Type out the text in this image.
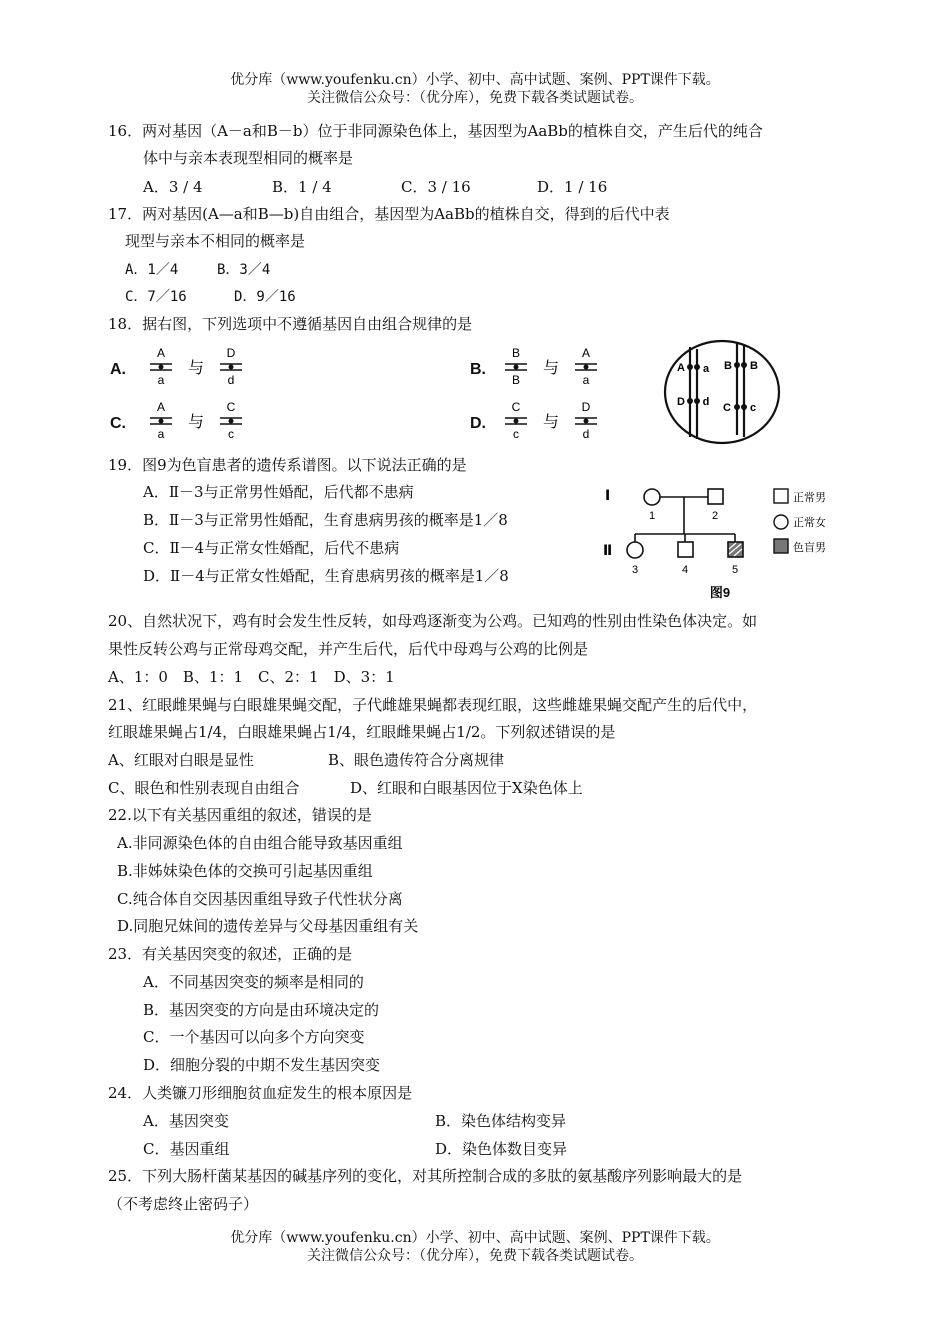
优分库（www.youfenku.cn）小学、初中、高中试题、案例、PPT课件下载。
关注微信公众号：（优分库），免费下载各类试题试卷。
16．两对基因（A－a和B－b）位于非同源染色体上，基因型为AaBb的植株自交，产生后代的纯合
体中与亲本表现型相同的概率是
A．3 / 4	B．1 / 4	C．3 / 16	D．1 / 16
17．两对基因(A—a和B—b)自由组合，基因型为AaBb的植株自交，得到的后代中表
现型与亲本不相同的概率是
A．1／4	B．3／4
C．7／16	D．9／16
18．据右图，下列选项中不遵循基因自由组合规律的是
A.
A
a
与
D
d
B.
B
B
与
A
a
C.
A
a
与
C
c
D.
C
c
与
D
d
A a B B
D d C c
19．图9为色盲患者的遗传系谱图。以下说法正确的是
A．Ⅱ－3与正常男性婚配，后代都不患病
B．Ⅱ－3与正常男性婚配，生育患病男孩的概率是1／8
C．Ⅱ－4与正常女性婚配，后代不患病
D．Ⅱ－4与正常女性婚配，生育患病男孩的概率是1／8
Ⅰ
Ⅱ
1	2
3	4	5
正常男
正常女
色盲男
图9
20、自然状况下，鸡有时会发生性反转，如母鸡逐渐变为公鸡。已知鸡的性别由性染色体决定。如
果性反转公鸡与正常母鸡交配，并产生后代，后代中母鸡与公鸡的比例是
A、1：0　B、1：1　C、2：1　D、3：1
21、红眼雌果蝇与白眼雄果蝇交配，子代雌雄果蝇都表现红眼，这些雌雄果蝇交配产生的后代中，
红眼雄果蝇占1/4，白眼雄果蝇占1/4，红眼雌果蝇占1/2。下列叙述错误的是
A、红眼对白眼是显性	B、眼色遗传符合分离规律
C、眼色和性别表现自由组合	D、红眼和白眼基因位于X染色体上
22.以下有关基因重组的叙述，错误的是
A.非同源染色体的自由组合能导致基因重组
B.非姊妹染色体的交换可引起基因重组
C.纯合体自交因基因重组导致子代性状分离
D.同胞兄妹间的遗传差异与父母基因重组有关
23．有关基因突变的叙述，正确的是
A．不同基因突变的频率是相同的
B．基因突变的方向是由环境决定的
C．一个基因可以向多个方向突变
D．细胞分裂的中期不发生基因突变
24．人类镰刀形细胞贫血症发生的根本原因是
A．基因突变	B．染色体结构变异
C．基因重组	D．染色体数目变异
25．下列大肠杆菌某基因的碱基序列的变化，对其所控制合成的多肽的氨基酸序列影响最大的是
（不考虑终止密码子）
优分库（www.youfenku.cn）小学、初中、高中试题、案例、PPT课件下载。
关注微信公众号：（优分库），免费下载各类试题试卷。
